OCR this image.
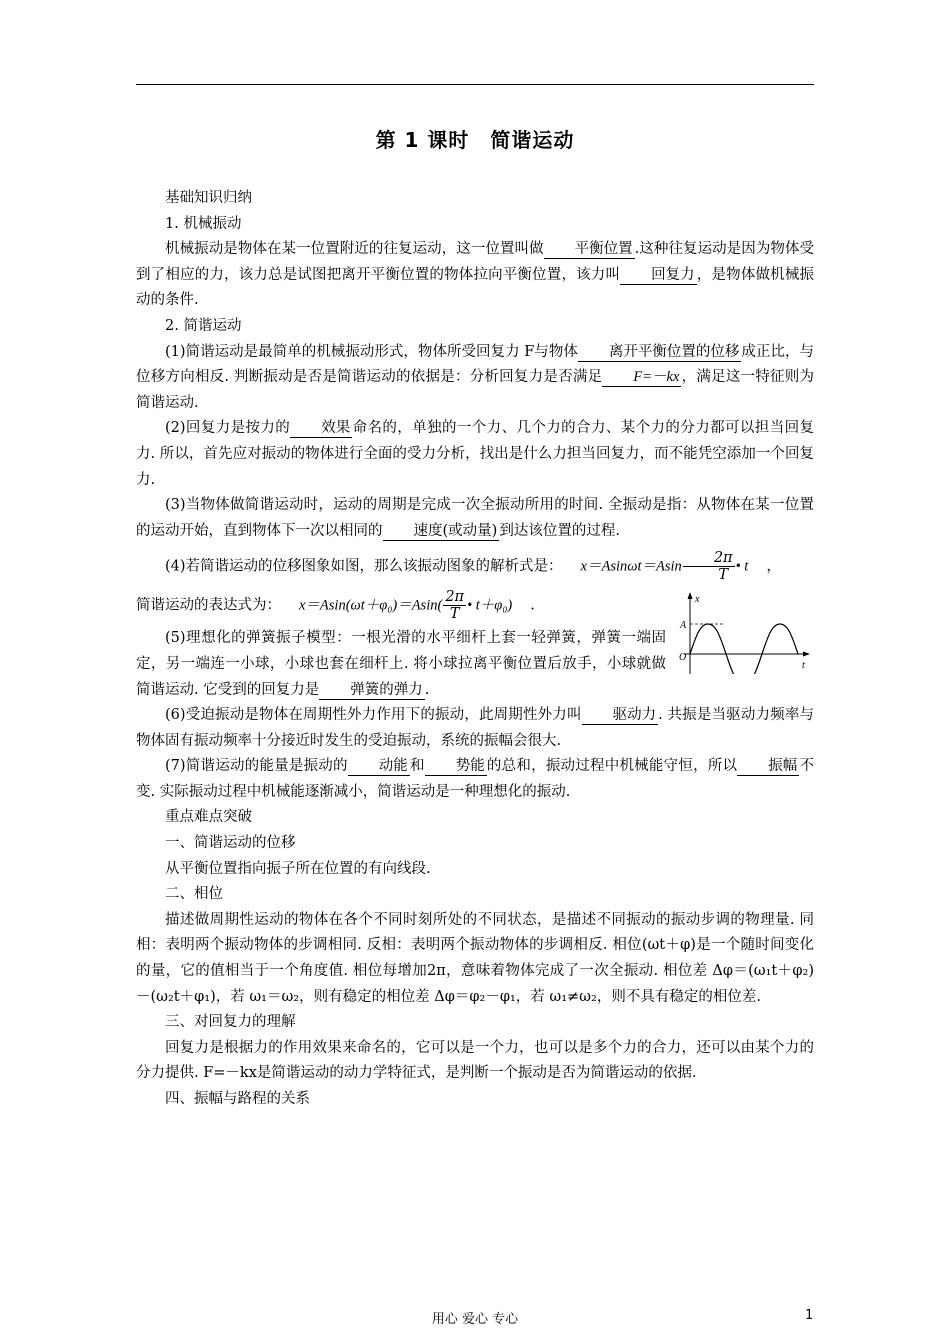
第 1 课时　简谐运动

基础知识归纳

1. 机械振动

机械振动是物体在某一位置附近的往复运动，这一位置叫做 平衡位置 .这种往复运动是因为物体受到了相应的力，该力总是试图把离开平衡位置的物体拉向平衡位置，该力叫 回复力 ，是物体做机械振动的条件.

2. 简谐运动

(1)简谐运动是最简单的机械振动形式，物体所受回复力 F与物体 离开平衡位置的位移 成正比，与位移方向相反. 判断振动是否是简谐运动的依据是：分析回复力是否满足 F=－kx ，满足这一特征则为简谐运动.

(2)回复力是按力的 效果 命名的，单独的一个力、几个力的合力、某个力的分力都可以担当回复力. 所以，首先应对振动的物体进行全面的受力分析，找出是什么力担当回复力，而不能凭空添加一个回复力.

(3)当物体做简谐运动时，运动的周期是完成一次全振动所用的时间. 全振动是指：从物体在某一位置的运动开始，直到物体下一次以相同的 速度(或动量) 到达该位置的过程.

(4)若简谐运动的位移图象如图，那么该振动图象的解析式是： $x=Asin\omega t=Asin \frac{2\pi}{T}$ • t ，

简谐运动的表达式为： $x=Asin(\omega t+\varphi_0)=Asin( \frac{2\pi}{T}$ • t＋φ₀) .

(5)理想化的弹簧振子模型：一根光滑的水平细杆上套一轻弹簧，弹簧一端固定，另一端连一小球，小球也套在细杆上. 将小球拉离平衡位置后放手，小球就做简谐运动. 它受到的回复力是 弹簧的弹力 .

(6)受迫振动是物体在周期性外力作用下的振动，此周期性外力叫 驱动力 . 共振是当驱动力频率与物体固有振动频率十分接近时发生的受迫振动，系统的振幅会很大.

(7)简谐运动的能量是振动的 动能 和 势能 的总和，振动过程中机械能守恒，所以 振幅 不变. 实际振动过程中机械能逐渐减小，简谐运动是一种理想化的振动.

重点难点突破

一、简谐运动的位移

从平衡位置指向振子所在位置的有向线段.

二、相位

描述做周期性运动的物体在各个不同时刻所处的不同状态，是描述不同振动的振动步调的物理量. 同相：表明两个振动物体的步调相同. 反相：表明两个振动物体的步调相反. 相位(ωt＋φ)是一个随时间变化的量，它的值相当于一个角度值. 相位每增加2π，意味着物体完成了一次全振动. 相位差 Δφ＝(ω₁t＋φ₂)－(ω₂t＋φ₁)，若 ω₁＝ω₂，则有稳定的相位差 Δφ＝φ₂－φ₁，若 ω₁≠ω₂，则不具有稳定的相位差.

三、对回复力的理解

回复力是根据力的作用效果来命名的，它可以是一个力，也可以是多个力的合力，还可以由某个力的分力提供. F=－kx是简谐运动的动力学特征式，是判断一个振动是否为简谐运动的依据.

四、振幅与路程的关系

x
t
A
O
用心 爱心 专心	1
